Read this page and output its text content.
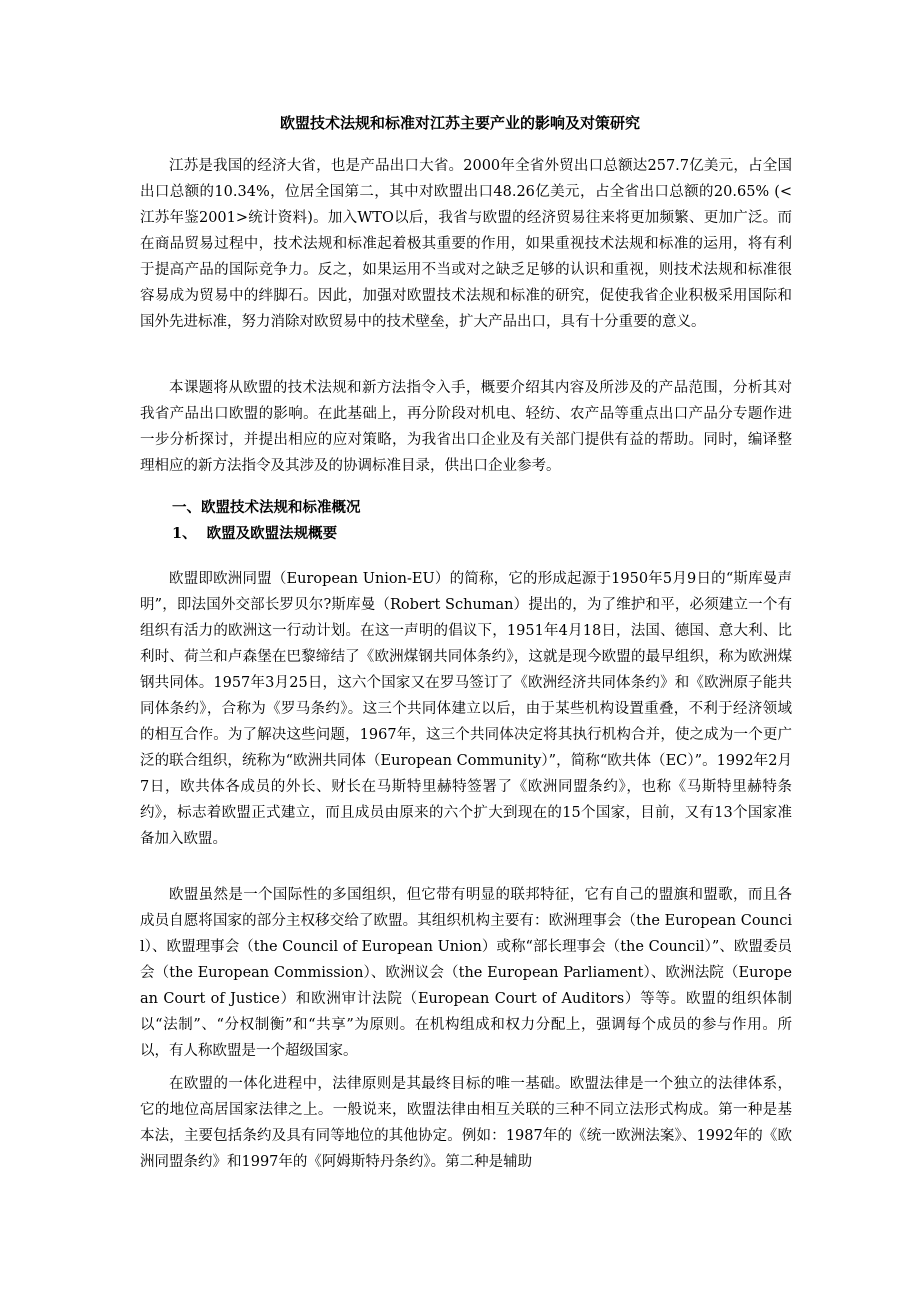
欧盟技术法规和标准对江苏主要产业的影响及对策研究

江苏是我国的经济大省，也是产品出口大省。2000年全省外贸出口总额达257.7亿美元，占全国出口总额的10.34%，位居全国第二，其中对欧盟出口48.26亿美元，占全省出口总额的20.65% (<江苏年鉴2001>统计资料)。加入WTO以后，我省与欧盟的经济贸易往来将更加频繁、更加广泛。而在商品贸易过程中，技术法规和标准起着极其重要的作用，如果重视技术法规和标准的运用，将有利于提高产品的国际竞争力。反之，如果运用不当或对之缺乏足够的认识和重视，则技术法规和标准很容易成为贸易中的绊脚石。因此，加强对欧盟技术法规和标准的研究，促使我省企业积极采用国际和国外先进标准，努力消除对欧贸易中的技术壁垒，扩大产品出口，具有十分重要的意义。

本课题将从欧盟的技术法规和新方法指令入手，概要介绍其内容及所涉及的产品范围，分析其对我省产品出口欧盟的影响。在此基础上，再分阶段对机电、轻纺、农产品等重点出口产品分专题作进一步分析探讨，并提出相应的应对策略，为我省出口企业及有关部门提供有益的帮助。同时，编译整理相应的新方法指令及其涉及的协调标准目录，供出口企业参考。

一、欧盟技术法规和标准概况
1、  欧盟及欧盟法规概要

欧盟即欧洲同盟（European Union-EU）的简称，它的形成起源于1950年5月9日的“斯库曼声明”，即法国外交部长罗贝尔?斯库曼（Robert Schuman）提出的，为了维护和平，必须建立一个有组织有活力的欧洲这一行动计划。在这一声明的倡议下，1951年4月18日，法国、德国、意大利、比利时、荷兰和卢森堡在巴黎缔结了《欧洲煤钢共同体条约》，这就是现今欧盟的最早组织，称为欧洲煤钢共同体。1957年3月25日，这六个国家又在罗马签订了《欧洲经济共同体条约》和《欧洲原子能共同体条约》，合称为《罗马条约》。这三个共同体建立以后，由于某些机构设置重叠，不利于经济领域的相互合作。为了解决这些问题，1967年，这三个共同体决定将其执行机构合并，使之成为一个更广泛的联合组织，统称为“欧洲共同体（European Community）”，简称“欧共体（EC）”。1992年2月7日，欧共体各成员的外长、财长在马斯特里赫特签署了《欧洲同盟条约》，也称《马斯特里赫特条约》，标志着欧盟正式建立，而且成员由原来的六个扩大到现在的15个国家，目前，又有13个国家准备加入欧盟。

欧盟虽然是一个国际性的多国组织，但它带有明显的联邦特征，它有自己的盟旗和盟歌，而且各成员自愿将国家的部分主权移交给了欧盟。其组织机构主要有：欧洲理事会（the European Council）、欧盟理事会（the Council of European Union）或称“部长理事会（the Council）”、欧盟委员会（the European Commission）、欧洲议会（the European Parliament）、欧洲法院（European Court of Justice）和欧洲审计法院（European Court of Auditors）等等。欧盟的组织体制以“法制”、“分权制衡”和“共享”为原则。在机构组成和权力分配上，强调每个成员的参与作用。所以，有人称欧盟是一个超级国家。

在欧盟的一体化进程中，法律原则是其最终目标的唯一基础。欧盟法律是一个独立的法律体系，它的地位高居国家法律之上。一般说来，欧盟法律由相互关联的三种不同立法形式构成。第一种是基本法，主要包括条约及具有同等地位的其他协定。例如：1987年的《统一欧洲法案》、1992年的《欧洲同盟条约》和1997年的《阿姆斯特丹条约》。第二种是辅助
